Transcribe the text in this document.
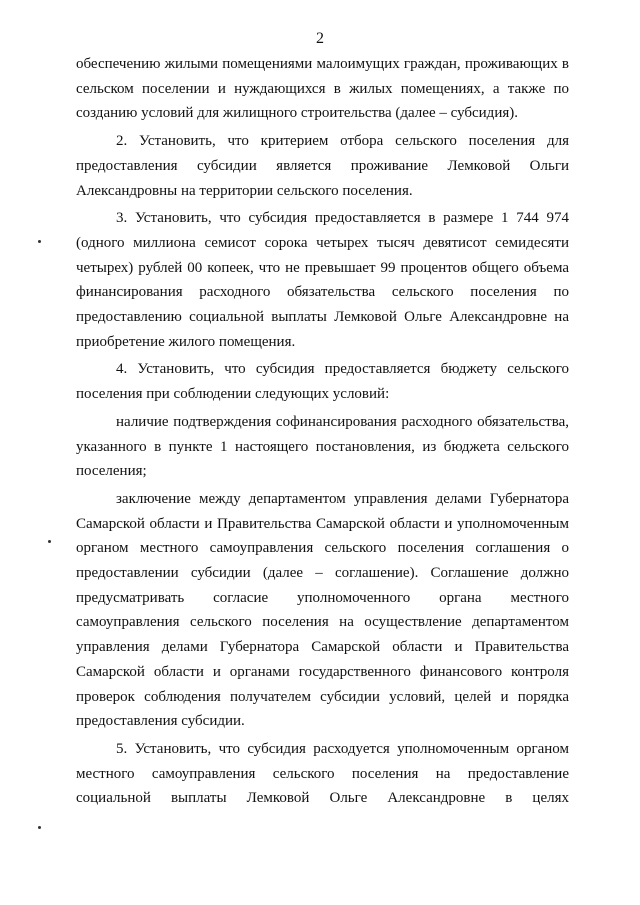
2

обеспечению жилыми помещениями малоимущих граждан, проживающих в сельском поселении и нуждающихся в жилых помещениях, а также по созданию условий для жилищного строительства (далее – субсидия).

2. Установить, что критерием отбора сельского поселения для предоставления субсидии является проживание Лемковой Ольги Александровны на территории сельского поселения.

3. Установить, что субсидия предоставляется в размере 1 744 974 (одного миллиона семисот сорока четырех тысяч девятисот семидесяти четырех) рублей 00 копеек, что не превышает 99 процентов общего объема финансирования расходного обязательства сельского поселения по предоставлению социальной выплаты Лемковой Ольге Александровне на приобретение жилого помещения.

4. Установить, что субсидия предоставляется бюджету сельского поселения при соблюдении следующих условий:

наличие подтверждения софинансирования расходного обязательства, указанного в пункте 1 настоящего постановления, из бюджета сельского поселения;

заключение между департаментом управления делами Губернатора Самарской области и Правительства Самарской области и уполномоченным органом местного самоуправления сельского поселения соглашения о предоставлении субсидии (далее – соглашение). Соглашение должно предусматривать согласие уполномоченного органа местного самоуправления сельского поселения на осуществление департаментом управления делами Губернатора Самарской области и Правительства Самарской области и органами государственного финансового контроля проверок соблюдения получателем субсидии условий, целей и порядка предоставления субсидии.

5. Установить, что субсидия расходуется уполномоченным органом местного самоуправления сельского поселения на предоставление социальной выплаты Лемковой Ольге Александровне в целях
